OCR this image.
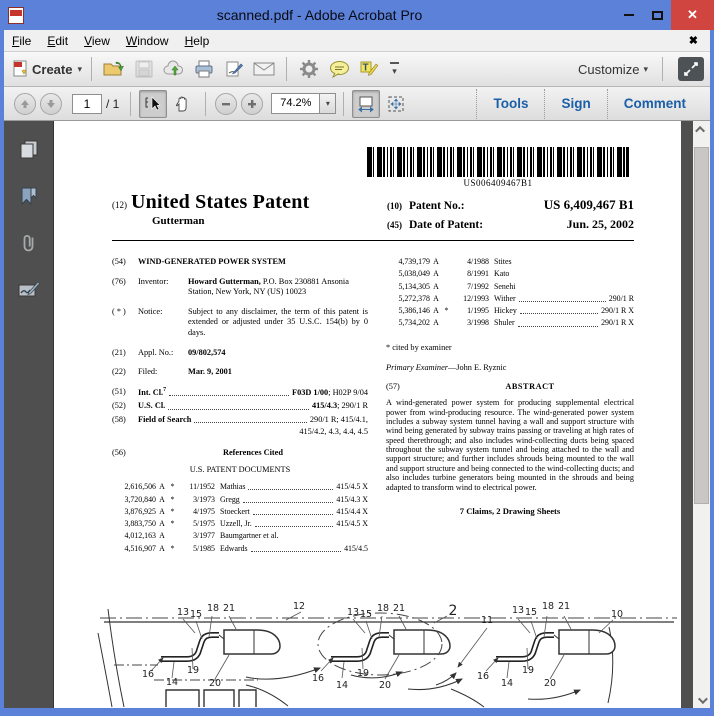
scanned.pdf - Adobe Acrobat Pro	✕
File Edit View Window Help	✖
Create ▾	T	▾	Customize ▾
1	/ 1	74.2%	▾	Tools	Sign	Comment
US006409467B1
(12) United States Patent
Gutterman
(10) Patent No.:	US 6,409,467 B1
(45) Date of Patent:	Jun. 25, 2002
(54)	WIND-GENERATED POWER SYSTEM
(76)	Inventor:	Howard Gutterman, P.O. Box 230881 Ansonia Station, New York, NY (US) 10023
( * )	Notice:	Subject to any disclaimer, the term of this patent is extended or adjusted under 35 U.S.C. 154(b) by 0 days.
(21)	Appl. No.:	09/802,574
(22)	Filed:	Mar. 9, 2001
(51)	Int. Cl.$^7$	F03D 1/00; H02P 9/04
(52)	U.S. Cl.	415/4.3; 290/1 R
(58)	Field of Search	290/1 R; 415/4.1,
415/4.2, 4.3, 4.4, 4.5
(56)	References Cited
U.S. PATENT DOCUMENTS
2,616,506 A *	11/1952 Mathias	415/4.5 X
3,720,840 A *	3/1973 Gregg	415/4.3 X
3,876,925 A *	4/1975 Stoeckert	415/4.4 X
3,883,750 A *	5/1975 Uzzell, Jr.	415/4.5 X
4,012,163 A	3/1977 Baumgartner et al.
4,516,907 A *	5/1985 Edwards	415/4.5
4,739,179 A	4/1988 Stites
5,038,049 A	8/1991 Kato
5,134,305 A	7/1992 Senehi
5,272,378 A	12/1993 Wither	290/1 R
5,386,146 A *	1/1995 Hickey	290/1 R X
5,734,202 A	3/1998 Shuler	290/1 R X
* cited by examiner
Primary Examiner—John E. Ryznic
(57)	ABSTRACT
A wind-generated power system for producing supplemental electrical power from wind-producing resource. The wind-generated power system includes a subway system tunnel having a wall and support structure with wind being generated by subway trains passing or traveling at high rates of speed therethrough; and also includes wind-collecting ducts being spaced throughout the subway system tunnel and being attached to the wall and support structure; and further includes shrouds being mounted to the wall and support structure and being connected to the wind-collecting ducts; and also includes turbine generators being mounted in the shrouds and being adapted to transform wind to electrical power.
7 Claims, 2 Drawing Sheets
13 15
18 21	12
13 15
18 21	2
11
13 15
18 21
10
16
14
19
20	16
14
19
20
16
14
19
20
